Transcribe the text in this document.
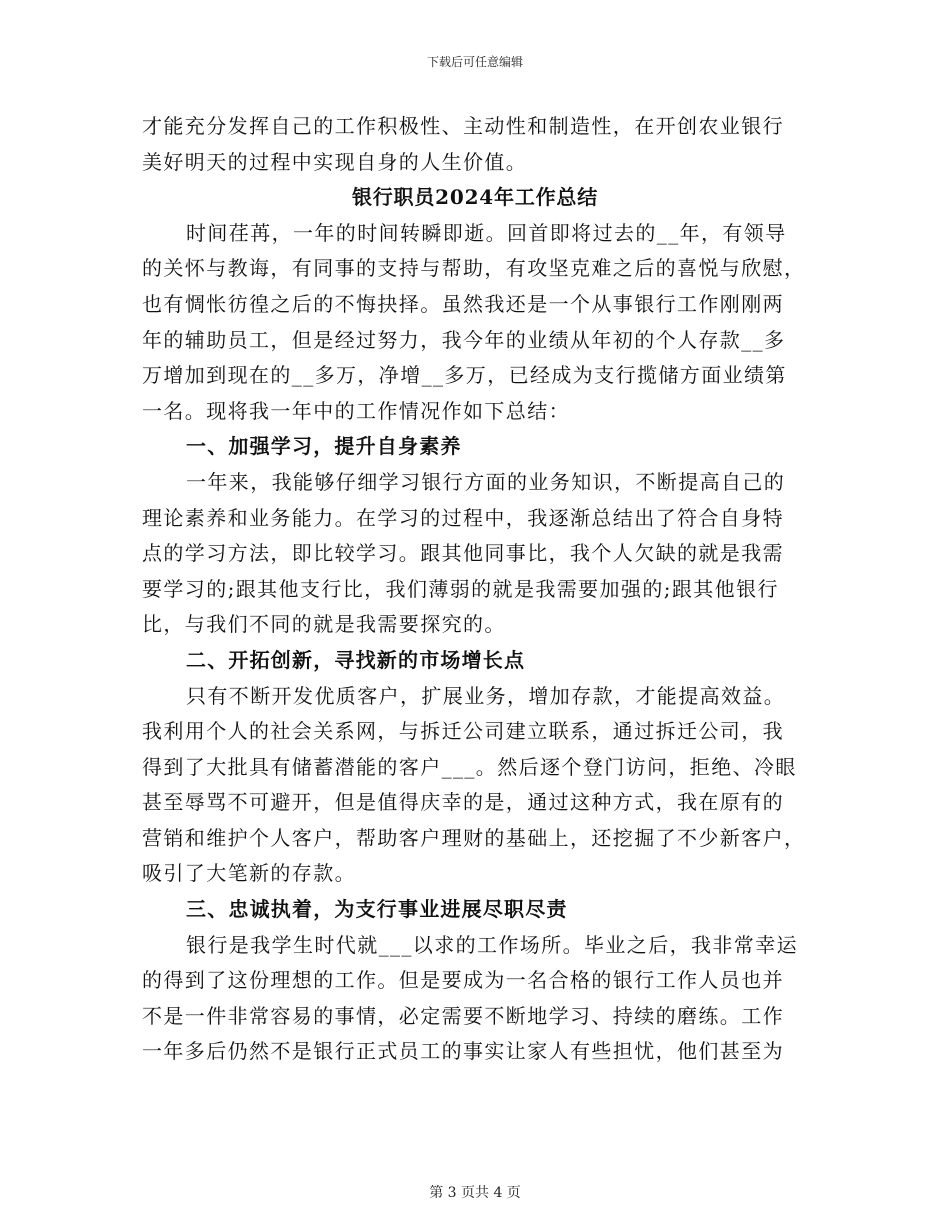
下载后可任意编辑
才能充分发挥自己的工作积极性、主动性和制造性，在开创农业银行
美好明天的过程中实现自身的人生价值。
银行职员2024年工作总结
时间荏苒，一年的时间转瞬即逝。回首即将过去的__年，有领导
的关怀与教诲，有同事的支持与帮助，有攻坚克难之后的喜悦与欣慰，
也有惆怅彷徨之后的不悔抉择。虽然我还是一个从事银行工作刚刚两
年的辅助员工，但是经过努力，我今年的业绩从年初的个人存款__多
万增加到现在的__多万，净增__多万，已经成为支行揽储方面业绩第
一名。现将我一年中的工作情况作如下总结：
一、加强学习，提升自身素养
一年来，我能够仔细学习银行方面的业务知识，不断提高自己的
理论素养和业务能力。在学习的过程中，我逐渐总结出了符合自身特
点的学习方法，即比较学习。跟其他同事比，我个人欠缺的就是我需
要学习的;跟其他支行比，我们薄弱的就是我需要加强的;跟其他银行
比，与我们不同的就是我需要探究的。
二、开拓创新，寻找新的市场增长点
只有不断开发优质客户，扩展业务，增加存款，才能提高效益。
我利用个人的社会关系网，与拆迁公司建立联系，通过拆迁公司，我
得到了大批具有储蓄潜能的客户___。然后逐个登门访问，拒绝、冷眼
甚至辱骂不可避开，但是值得庆幸的是，通过这种方式，我在原有的
营销和维护个人客户，帮助客户理财的基础上，还挖掘了不少新客户，
吸引了大笔新的存款。
三、忠诚执着，为支行事业进展尽职尽责
银行是我学生时代就___以求的工作场所。毕业之后，我非常幸运
的得到了这份理想的工作。但是要成为一名合格的银行工作人员也并
不是一件非常容易的事情，必定需要不断地学习、持续的磨练。工作
一年多后仍然不是银行正式员工的事实让家人有些担忧，他们甚至为
第 3 页共 4 页
